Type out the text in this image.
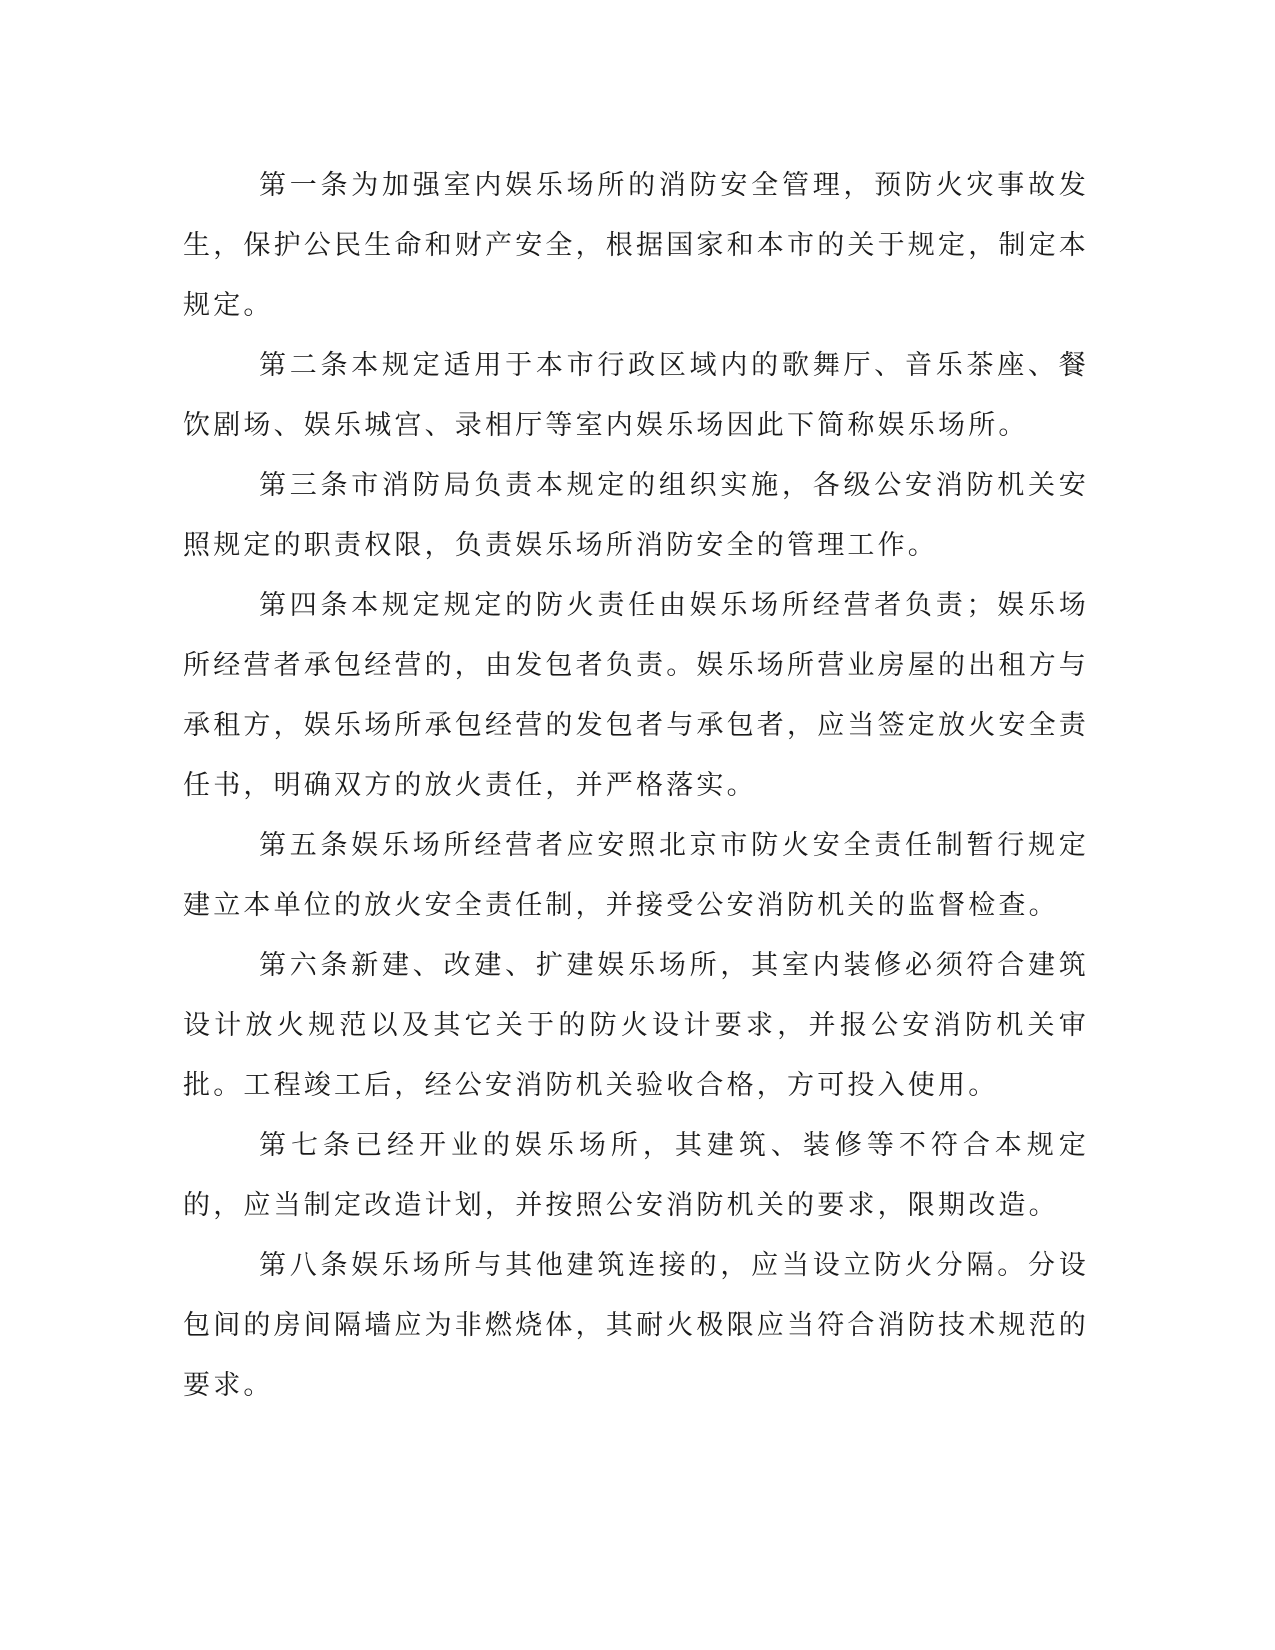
第一条为加强室内娱乐场所的消防安全管理，预防火灾事故发生，保护公民生命和财产安全，根据国家和本市的关于规定，制定本规定。

第二条本规定适用于本市行政区域内的歌舞厅、音乐茶座、餐饮剧场、娱乐城宫、录相厅等室内娱乐场因此下简称娱乐场所。

第三条市消防局负责本规定的组织实施，各级公安消防机关安照规定的职责权限，负责娱乐场所消防安全的管理工作。

第四条本规定规定的防火责任由娱乐场所经营者负责；娱乐场所经营者承包经营的，由发包者负责。娱乐场所营业房屋的出租方与承租方，娱乐场所承包经营的发包者与承包者，应当签定放火安全责任书，明确双方的放火责任，并严格落实。

第五条娱乐场所经营者应安照北京市防火安全责任制暂行规定建立本单位的放火安全责任制，并接受公安消防机关的监督检查。

第六条新建、改建、扩建娱乐场所，其室内装修必须符合建筑设计放火规范以及其它关于的防火设计要求，并报公安消防机关审批。工程竣工后，经公安消防机关验收合格，方可投入使用。

第七条已经开业的娱乐场所，其建筑、装修等不符合本规定的，应当制定改造计划，并按照公安消防机关的要求，限期改造。

第八条娱乐场所与其他建筑连接的，应当设立防火分隔。分设包间的房间隔墙应为非燃烧体，其耐火极限应当符合消防技术规范的要求。
